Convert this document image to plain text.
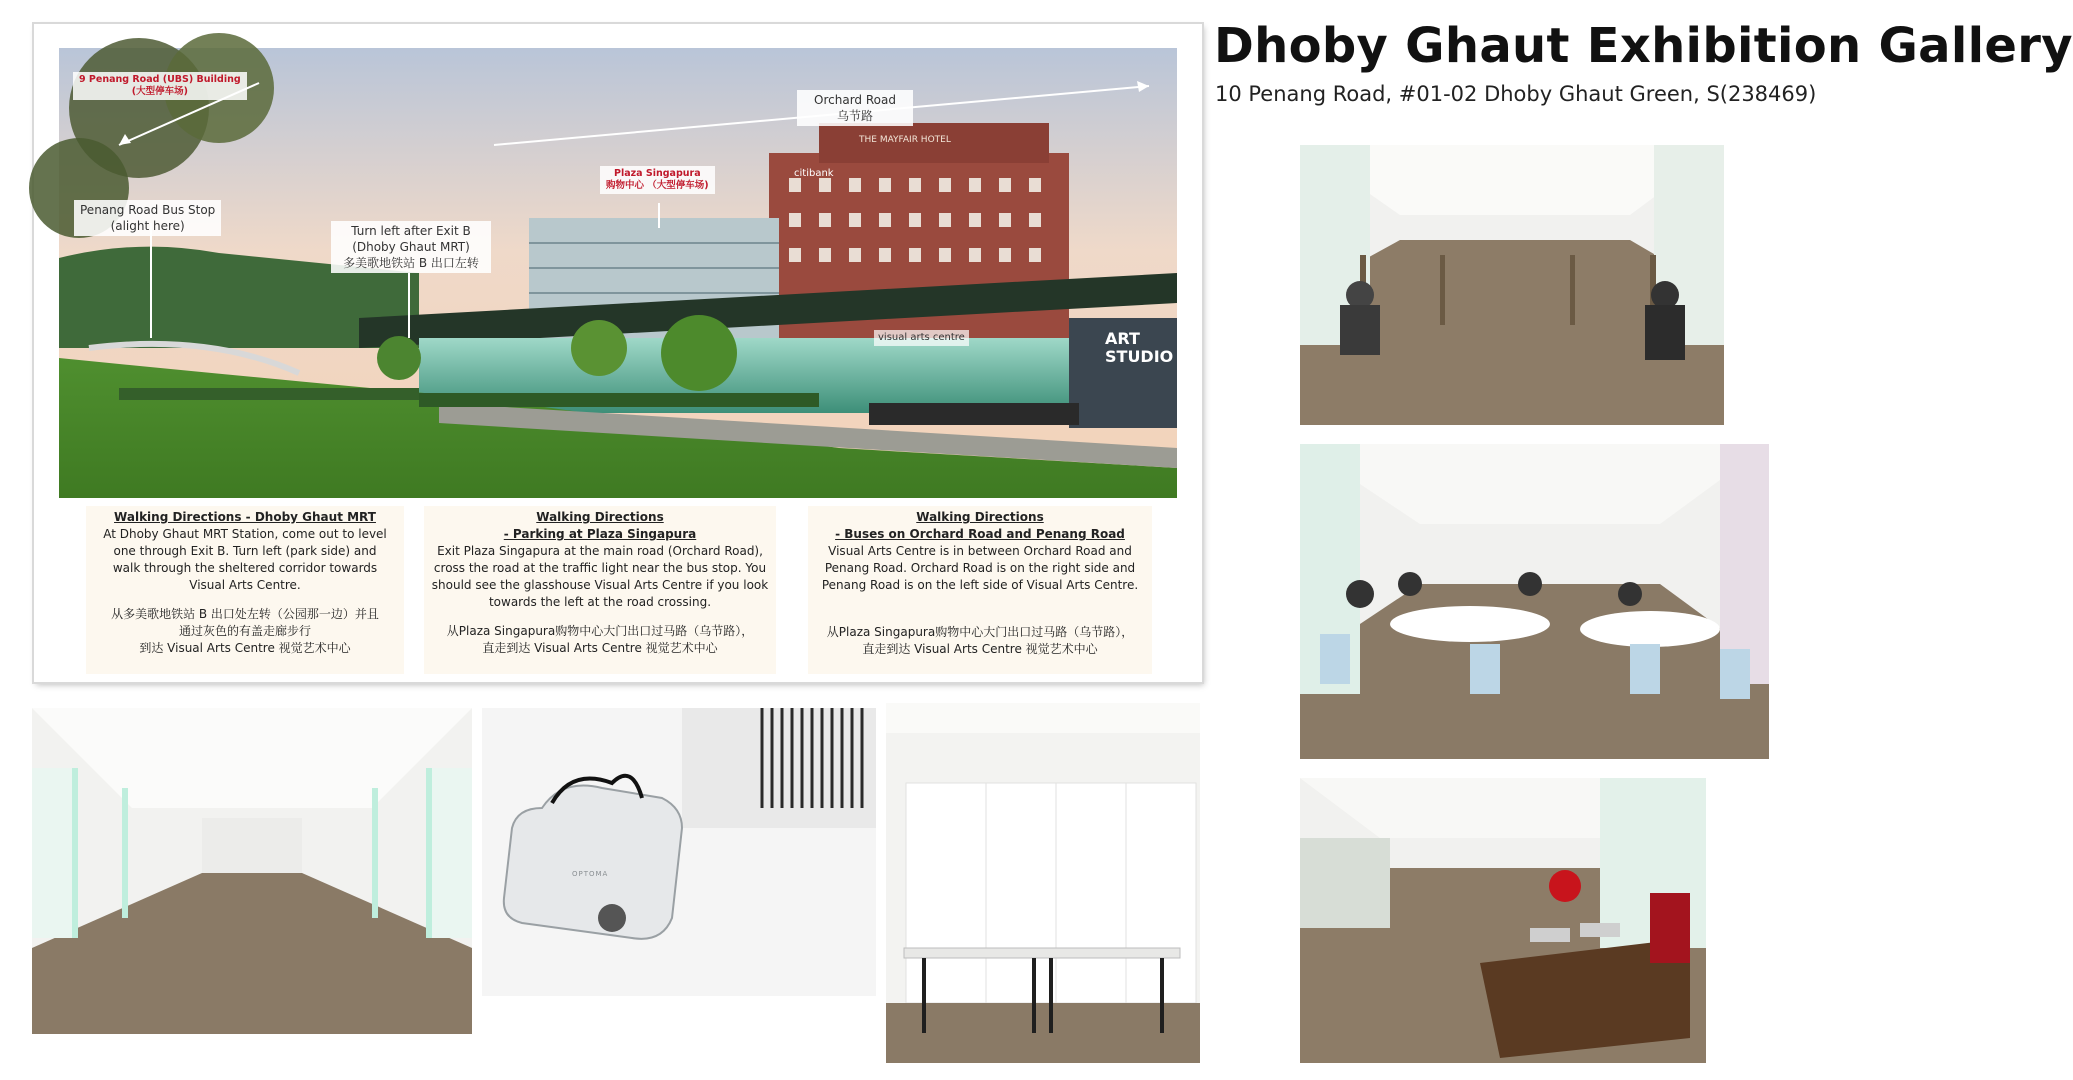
Dhoby Ghaut Exhibition Gallery
10 Penang Road, #01-02 Dhoby Ghaut Green, S(238469)
9 Penang Road (UBS) Building
(大型停车场)
Orchard Road
乌节路
Plaza Singapura
购物中心 （大型停车场)
Penang Road Bus Stop
(alight here)	Turn left after Exit B
(Dhoby Ghaut MRT)
多美歌地铁站 B 出口左转
visual arts centre	ART
STUDIO
citibank
THE MAYFAIR HOTEL
Walking Directions - Dhoby Ghaut MRT
At Dhoby Ghaut MRT Station, come out to level
one through Exit B. Turn left (park side) and
walk through the sheltered corridor towards
Visual Arts Centre.
从多美歌地铁站 B 出口处左转（公园那一边）并且
通过灰色的有盖走廊步行
到达 Visual Arts Centre 视觉艺术中心
Walking Directions
- Parking at Plaza Singapura
Exit Plaza Singapura at the main road (Orchard Road),
cross the road at the traffic light near the bus stop. You
should see the glasshouse Visual Arts Centre if you look
towards the left at the road crossing.
从Plaza Singapura购物中心大门出口过马路（乌节路），
直走到达 Visual Arts Centre 视觉艺术中心
Walking Directions
- Buses on Orchard Road and Penang Road
Visual Arts Centre is in between Orchard Road and
Penang Road. Orchard Road is on the right side and
Penang Road is on the left side of Visual Arts Centre.
从Plaza Singapura购物中心大门出口过马路（乌节路），
直走到达 Visual Arts Centre 视觉艺术中心
OPTOMA
